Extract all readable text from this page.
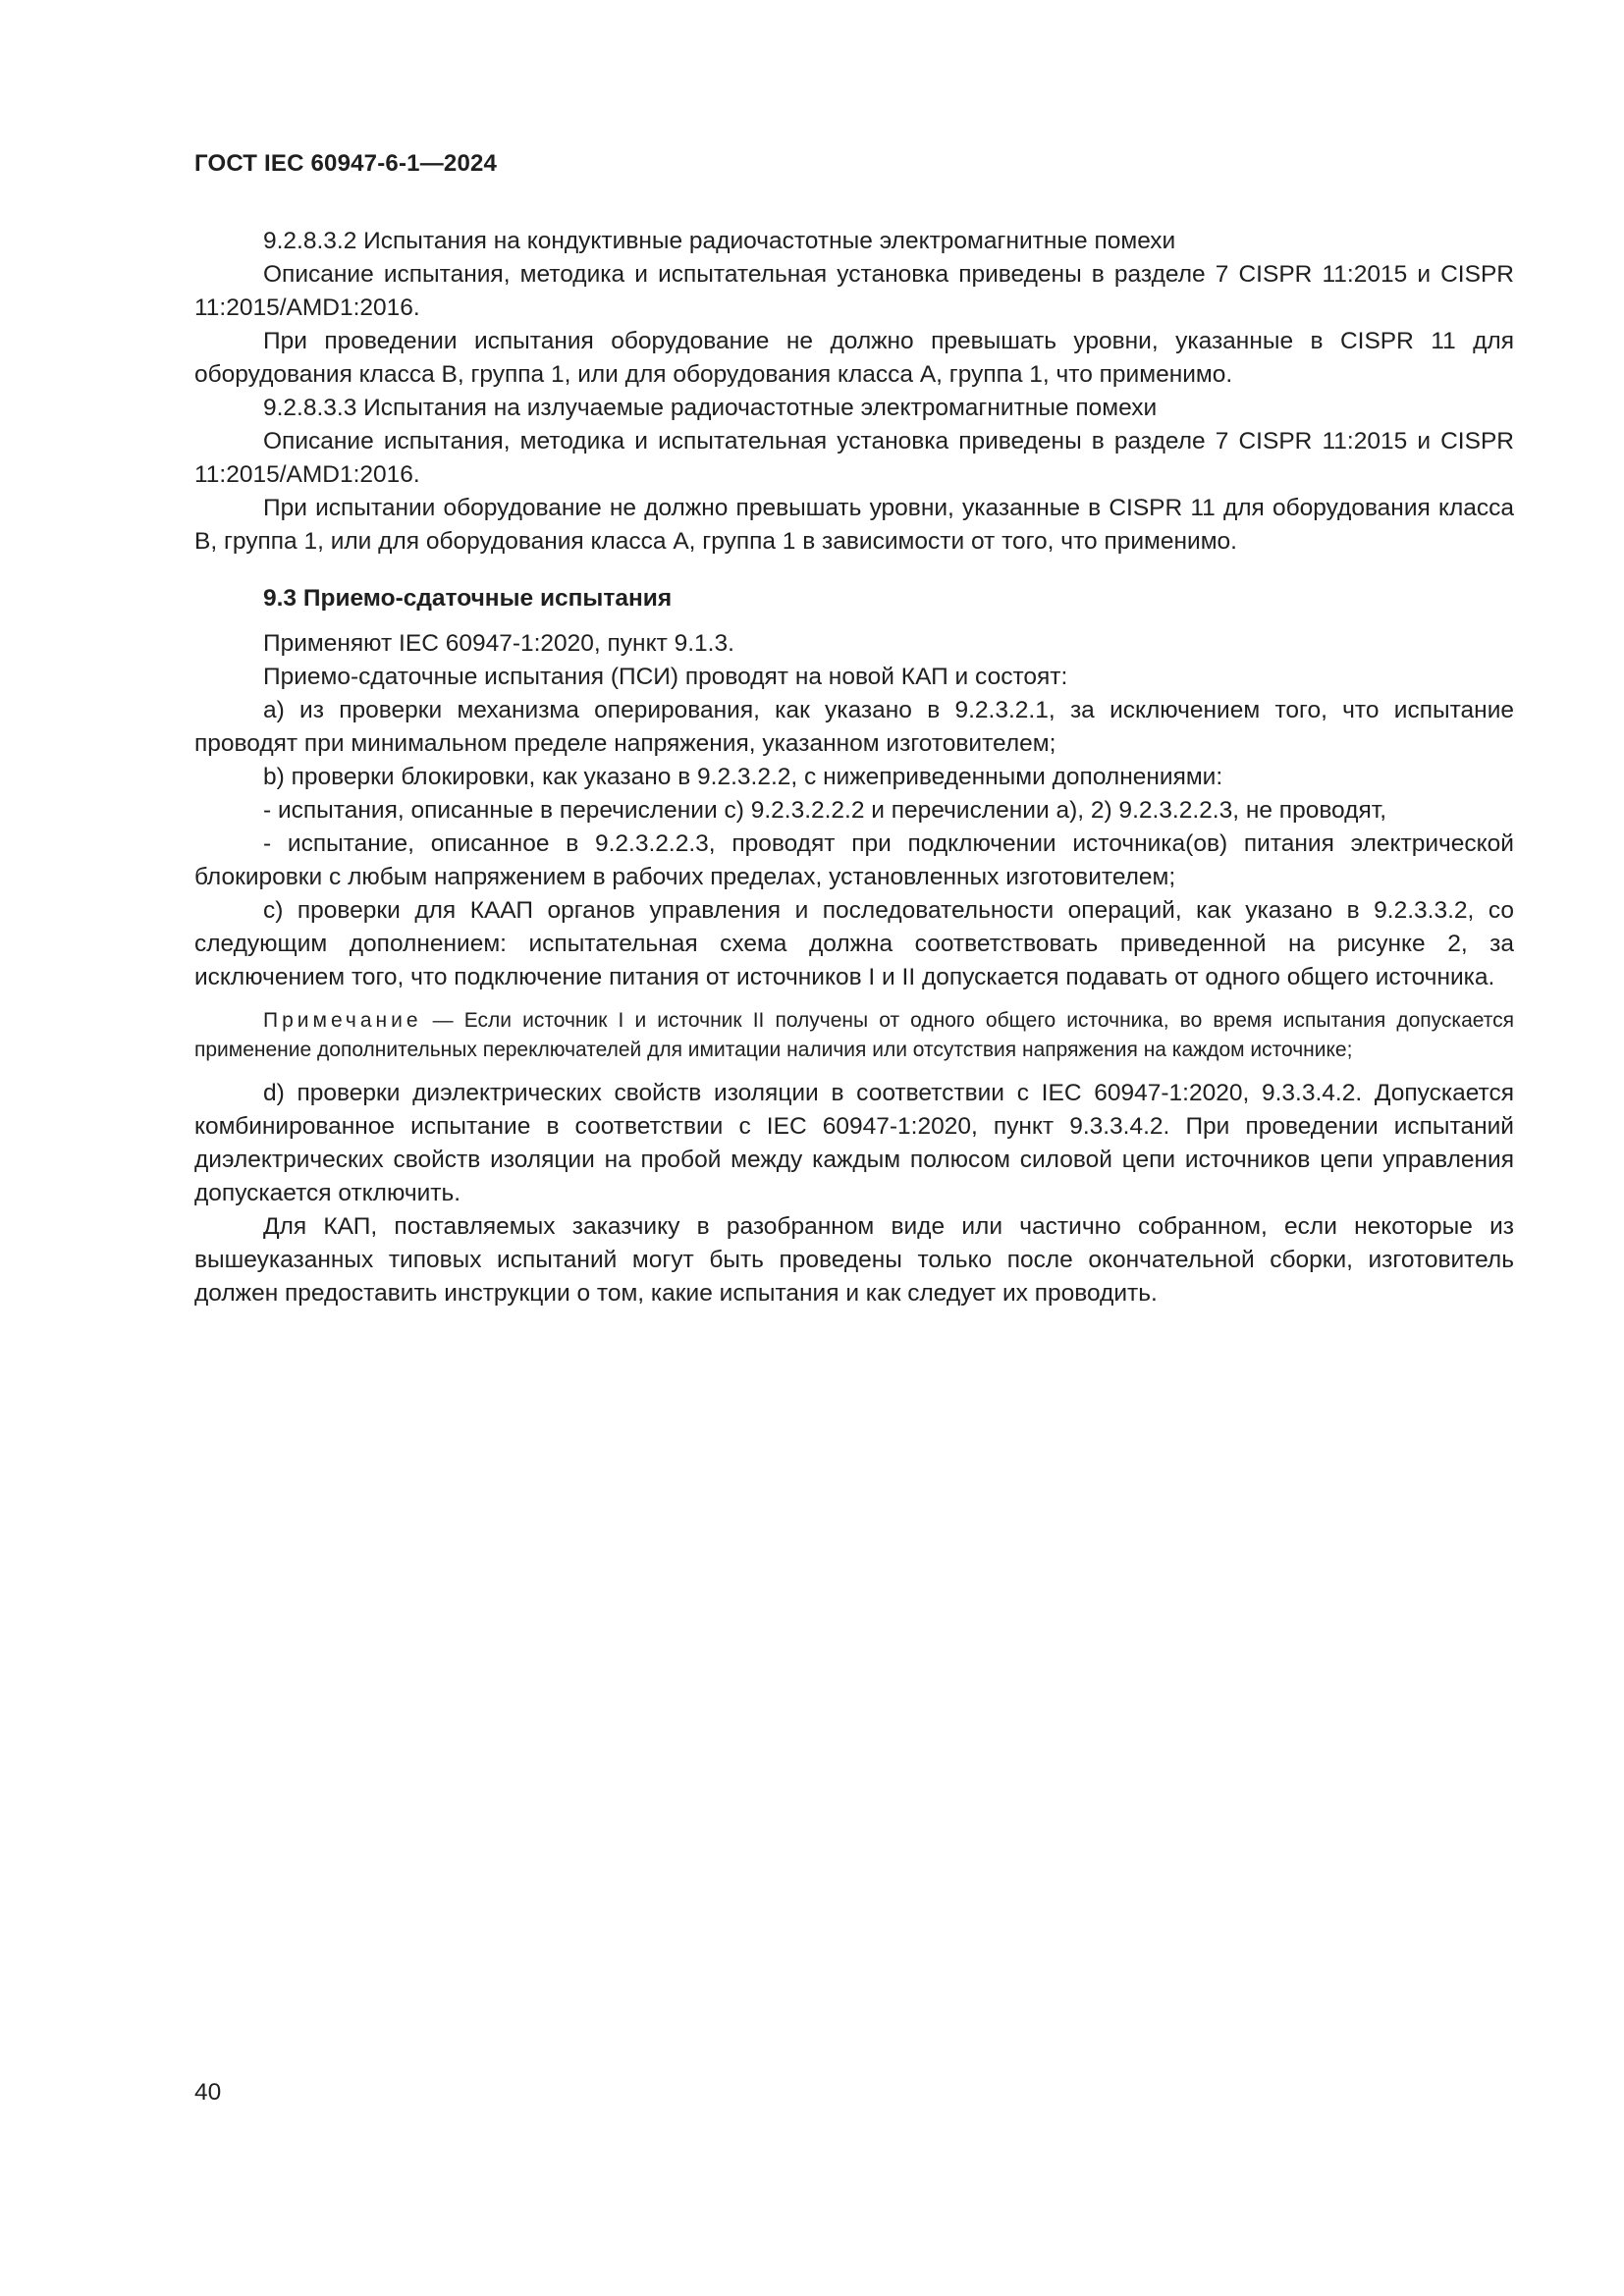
ГОСТ IEC 60947-6-1—2024

9.2.8.3.2 Испытания на кондуктивные радиочастотные электромагнитные помехи

Описание испытания, методика и испытательная установка приведены в разделе 7 CISPR 11:2015 и CISPR 11:2015/AMD1:2016.

При проведении испытания оборудование не должно превышать уровни, указанные в CISPR 11 для оборудования класса В, группа 1, или для оборудования класса А, группа 1, что применимо.

9.2.8.3.3 Испытания на излучаемые радиочастотные электромагнитные помехи

Описание испытания, методика и испытательная установка приведены в разделе 7 CISPR 11:2015 и CISPR 11:2015/AMD1:2016.

При испытании оборудование не должно превышать уровни, указанные в CISPR 11 для оборудования класса В, группа 1, или для оборудования класса А, группа 1 в зависимости от того, что применимо.

9.3 Приемо-сдаточные испытания

Применяют IEC 60947-1:2020, пункт 9.1.3.

Приемо-сдаточные испытания (ПСИ) проводят на новой КАП и состоят:

а) из проверки механизма оперирования, как указано в 9.2.3.2.1, за исключением того, что испытание проводят при минимальном пределе напряжения, указанном изготовителем;

b) проверки блокировки, как указано в 9.2.3.2.2, с нижеприведенными дополнениями:

- испытания, описанные в перечислении с) 9.2.3.2.2.2 и перечислении а), 2) 9.2.3.2.2.3, не проводят,

- испытание, описанное в 9.2.3.2.2.3, проводят при подключении источника(ов) питания электрической блокировки с любым напряжением в рабочих пределах, установленных изготовителем;

с) проверки для КААП органов управления и последовательности операций, как указано в 9.2.3.3.2, со следующим дополнением: испытательная схема должна соответствовать приведенной на рисунке 2, за исключением того, что подключение питания от источников I и II допускается подавать от одного общего источника.

Примечание — Если источник I и источник II получены от одного общего источника, во время испытания допускается применение дополнительных переключателей для имитации наличия или отсутствия напряжения на каждом источнике;

d) проверки диэлектрических свойств изоляции в соответствии с IEC 60947-1:2020, 9.3.3.4.2. Допускается комбинированное испытание в соответствии с IEC 60947-1:2020, пункт 9.3.3.4.2. При проведении испытаний диэлектрических свойств изоляции на пробой между каждым полюсом силовой цепи источников цепи управления допускается отключить.

Для КАП, поставляемых заказчику в разобранном виде или частично собранном, если некоторые из вышеуказанных типовых испытаний могут быть проведены только после окончательной сборки, изготовитель должен предоставить инструкции о том, какие испытания и как следует их проводить.

40
